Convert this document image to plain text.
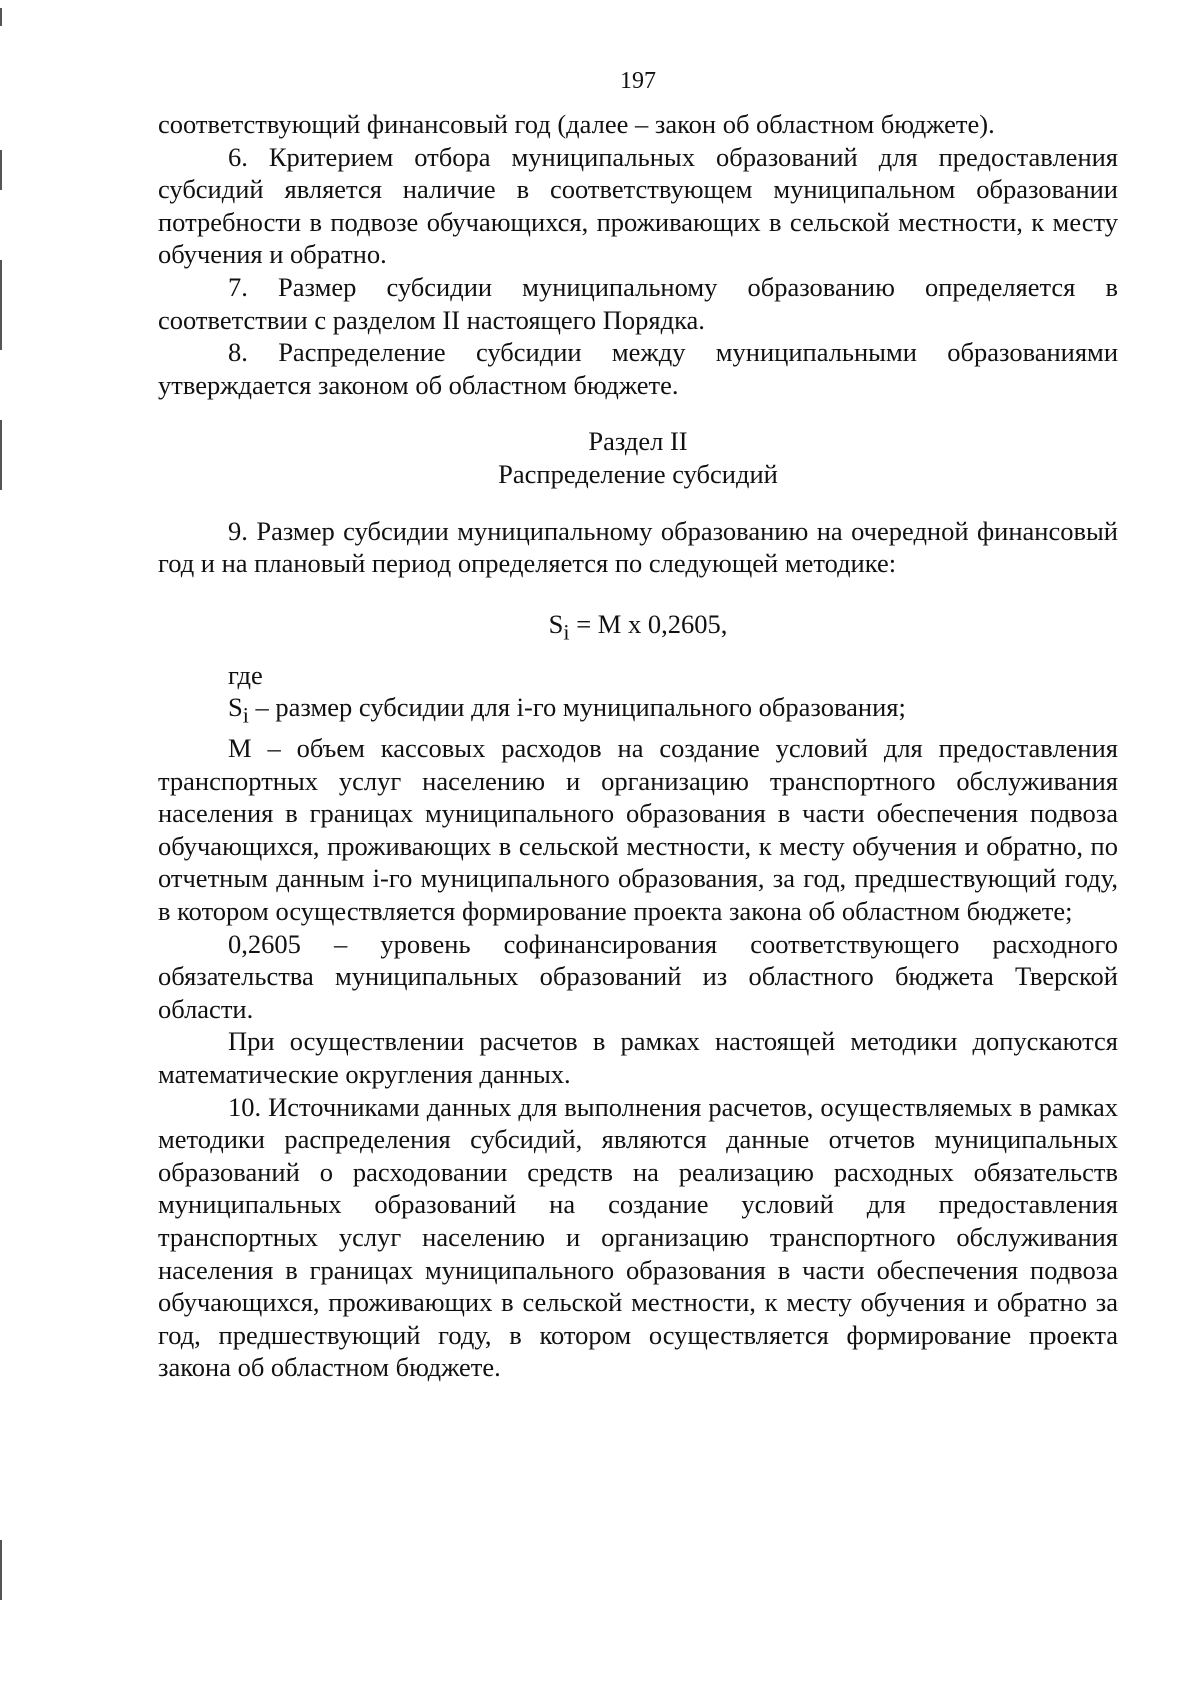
197

соответствующий финансовый год (далее – закон об областном бюджете).

6. Критерием отбора муниципальных образований для предоставления субсидий является наличие в соответствующем муниципальном образовании потребности в подвозе обучающихся, проживающих в сельской местности, к месту обучения и обратно.

7. Размер субсидии муниципальному образованию определяется в соответствии с разделом II настоящего Порядка.

8. Распределение субсидии между муниципальными образованиями утверждается законом об областном бюджете.

Раздел II

Распределение субсидий

9. Размер субсидии муниципальному образованию на очередной финансовый год и на плановый период определяется по следующей методике:

$S_i = M$ x 0,2605,

где

$S_i$ – размер субсидии для i-го муниципального образования;

M – объем кассовых расходов на создание условий для предоставления транспортных услуг населению и организацию транспортного обслуживания населения в границах муниципального образования в части обеспечения подвоза обучающихся, проживающих в сельской местности, к месту обучения и обратно, по отчетным данным i-го муниципального образования, за год, предшествующий году, в котором осуществляется формирование проекта закона об областном бюджете;

0,2605 – уровень софинансирования соответствующего расходного обязательства муниципальных образований из областного бюджета Тверской области.

При осуществлении расчетов в рамках настоящей методики допускаются математические округления данных.

10. Источниками данных для выполнения расчетов, осуществляемых в рамках методики распределения субсидий, являются данные отчетов муниципальных образований о расходовании средств на реализацию расходных обязательств муниципальных образований на создание условий для предоставления транспортных услуг населению и организацию транспортного обслуживания населения в границах муниципального образования в части обеспечения подвоза обучающихся, проживающих в сельской местности, к месту обучения и обратно за год, предшествующий году, в котором осуществляется формирование проекта закона об областном бюджете.
